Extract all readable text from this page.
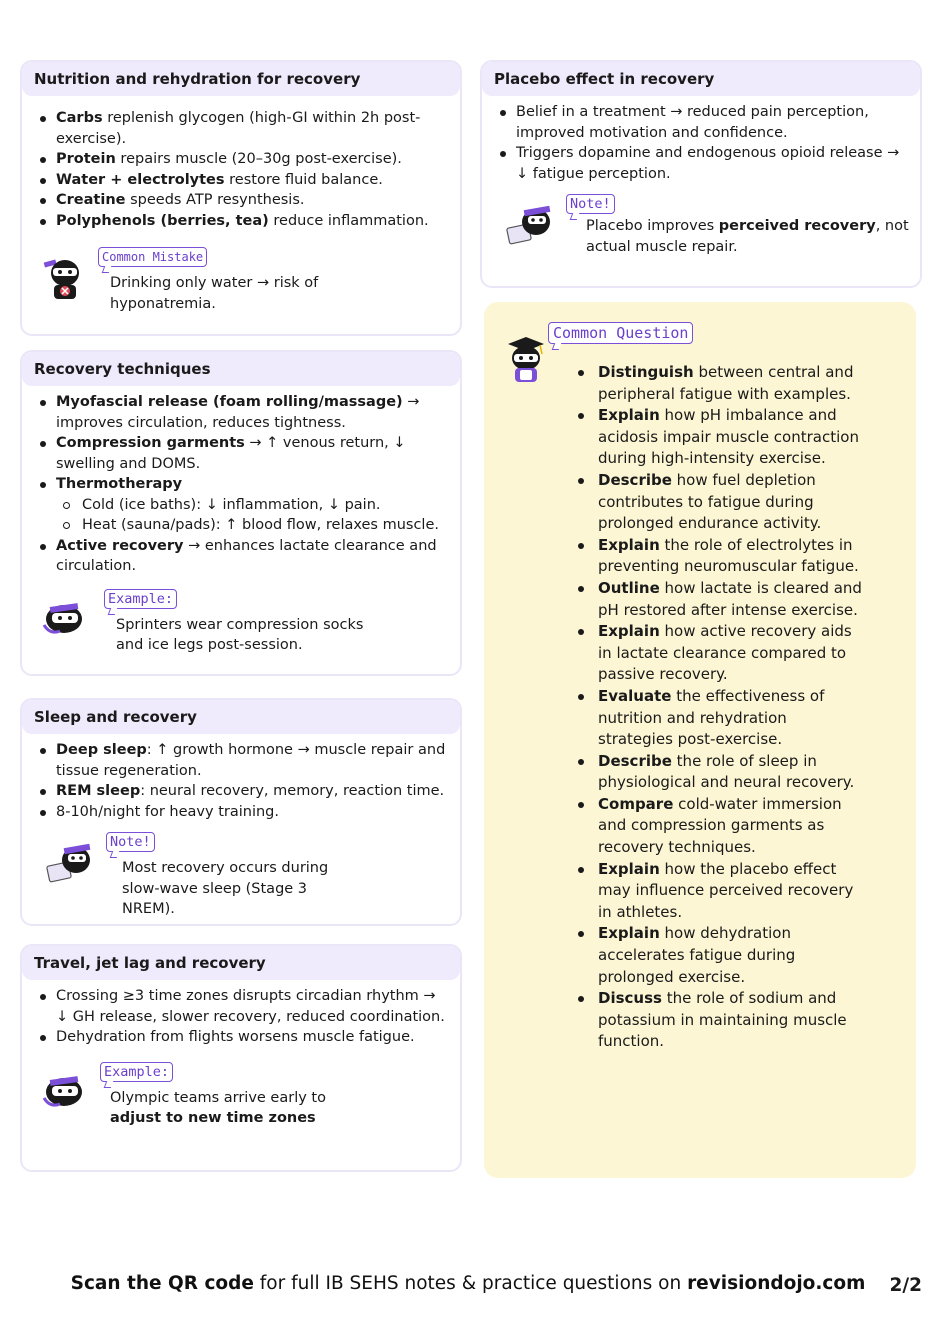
Nutrition and rehydration for recovery
Carbs replenish glycogen (high-GI within 2h post-exercise).
Protein repairs muscle (20–30g post-exercise).
Water + electrolytes restore fluid balance.
Creatine speeds ATP resynthesis.
Polyphenols (berries, tea) reduce inflammation.
Common Mistake
Drinking only water → risk of hyponatremia.
Recovery techniques
Myofascial release (foam rolling/massage) → improves circulation, reduces tightness.
Compression garments → ↑ venous return, ↓ swelling and DOMS.
Thermotherapy
Cold (ice baths): ↓ inflammation, ↓ pain.
Heat (sauna/pads): ↑ blood flow, relaxes muscle.
Active recovery → enhances lactate clearance and circulation.
Example:
Sprinters wear compression socks and ice legs post-session.
Sleep and recovery
Deep sleep: ↑ growth hormone → muscle repair and tissue regeneration.
REM sleep: neural recovery, memory, reaction time.
8-10h/night for heavy training.
Note!
Most recovery occurs during slow-wave sleep (Stage 3 NREM).
Travel, jet lag and recovery
Crossing ≥3 time zones disrupts circadian rhythm → ↓ GH release, slower recovery, reduced coordination.
Dehydration from flights worsens muscle fatigue.
Example:
Olympic teams arrive early to adjust to new time zones
Placebo effect in recovery
Belief in a treatment → reduced pain perception, improved motivation and confidence.
Triggers dopamine and endogenous opioid release → ↓ fatigue perception.
Note!
Placebo improves perceived recovery, not actual muscle repair.
Common Question
Distinguish between central and peripheral fatigue with examples.
Explain how pH imbalance and acidosis impair muscle contraction during high-intensity exercise.
Describe how fuel depletion contributes to fatigue during prolonged endurance activity.
Explain the role of electrolytes in preventing neuromuscular fatigue.
Outline how lactate is cleared and pH restored after intense exercise.
Explain how active recovery aids in lactate clearance compared to passive recovery.
Evaluate the effectiveness of nutrition and rehydration strategies post-exercise.
Describe the role of sleep in physiological and neural recovery.
Compare cold-water immersion and compression garments as recovery techniques.
Explain how the placebo effect may influence perceived recovery in athletes.
Explain how dehydration accelerates fatigue during prolonged exercise.
Discuss the role of sodium and potassium in maintaining muscle function.
Scan the QR code for full IB SEHS notes & practice questions on revisiondojo.com	2/2
